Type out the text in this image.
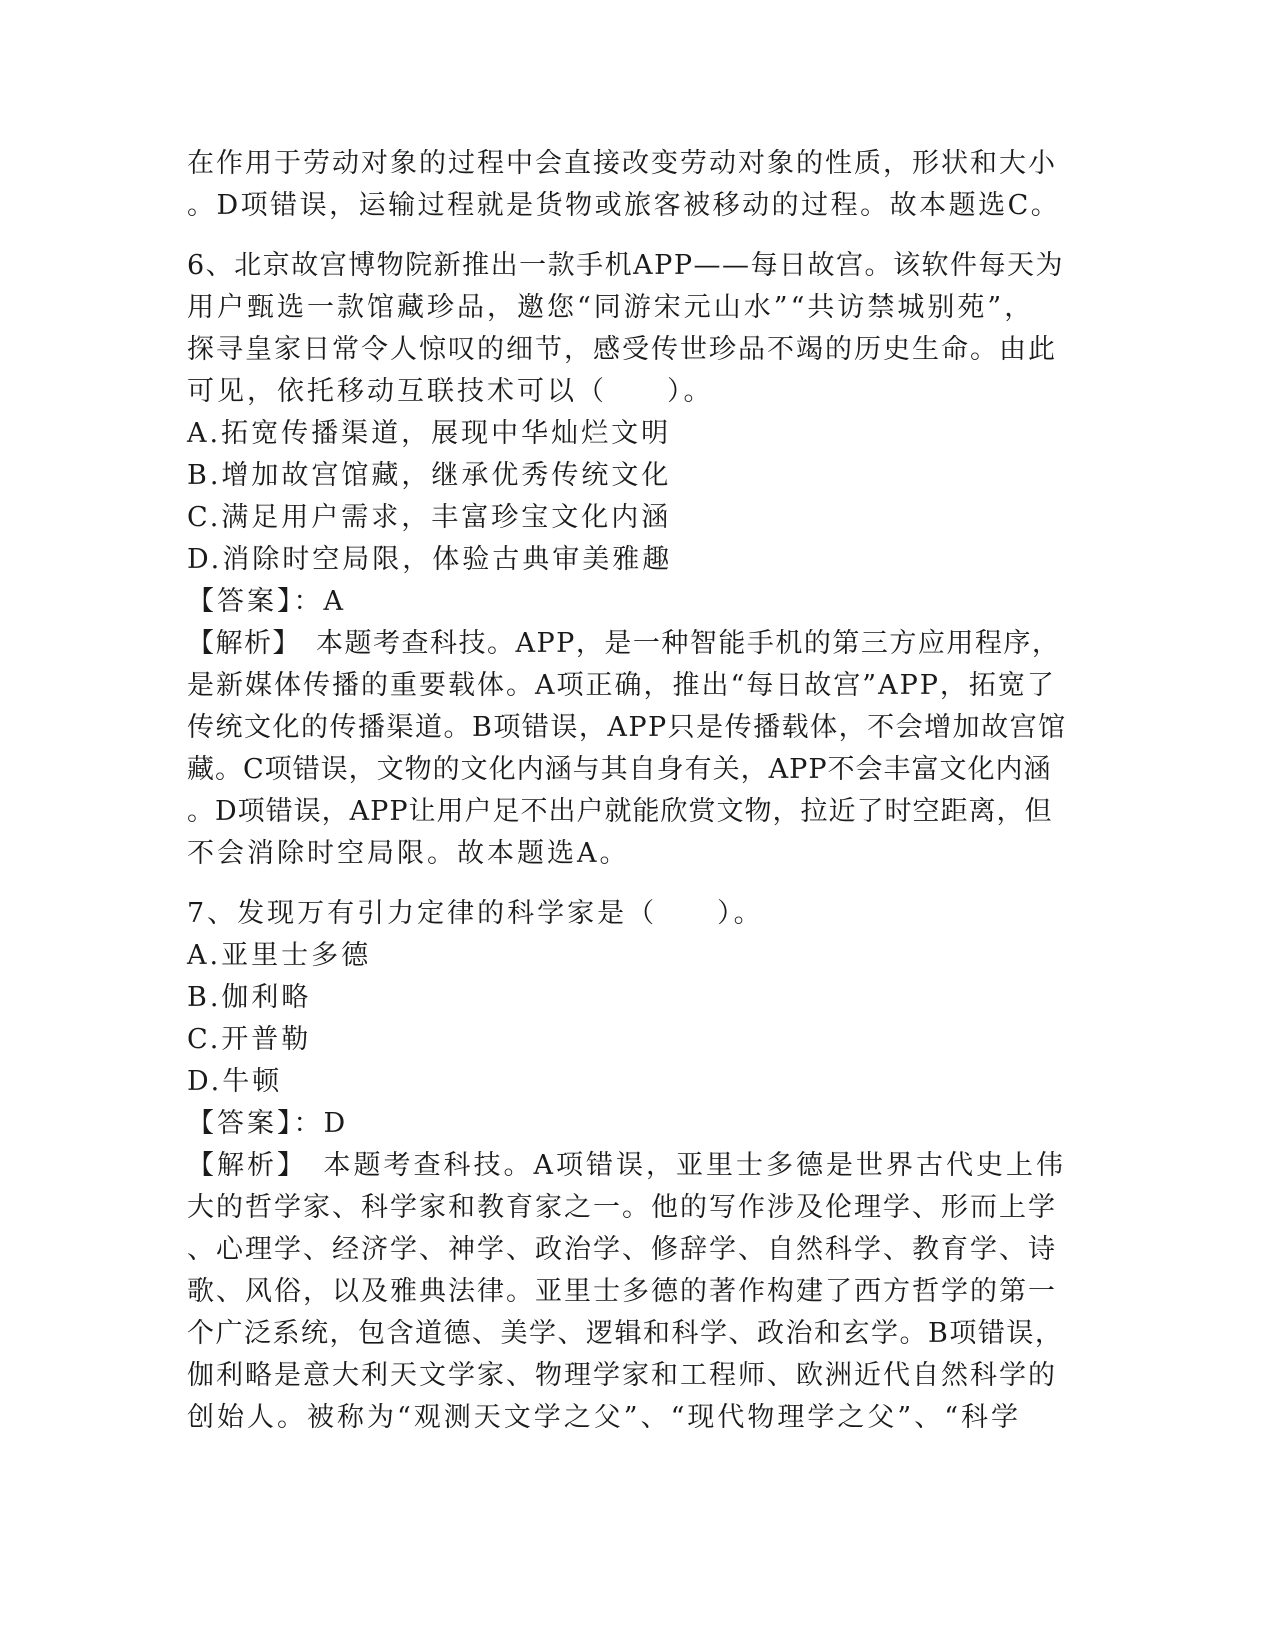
在作用于劳动对象的过程中会直接改变劳动对象的性质，形状和大小
。D项错误，运输过程就是货物或旅客被移动的过程。故本题选C。
6、北京故宫博物院新推出一款手机APP——每日故宫。该软件每天为
用户甄选一款馆藏珍品，邀您“同游宋元山水”“共访禁城别苑”，
探寻皇家日常令人惊叹的细节，感受传世珍品不竭的历史生命。由此
可见，依托移动互联技术可以（　　）。
A.拓宽传播渠道，展现中华灿烂文明
B.增加故宫馆藏，继承优秀传统文化
C.满足用户需求，丰富珍宝文化内涵
D.消除时空局限，体验古典审美雅趣
【答案】：A
【解析】　本题考查科技。APP，是一种智能手机的第三方应用程序，
是新媒体传播的重要载体。A项正确，推出“每日故宫”APP，拓宽了
传统文化的传播渠道。B项错误，APP只是传播载体，不会增加故宫馆
藏。C项错误，文物的文化内涵与其自身有关，APP不会丰富文化内涵
。D项错误，APP让用户足不出户就能欣赏文物，拉近了时空距离，但
不会消除时空局限。故本题选A。
7、发现万有引力定律的科学家是（　　）。
A.亚里士多德
B.伽利略
C.开普勒
D.牛顿
【答案】：D
【解析】　本题考查科技。A项错误，亚里士多德是世界古代史上伟
大的哲学家、科学家和教育家之一。他的写作涉及伦理学、形而上学
、心理学、经济学、神学、政治学、修辞学、自然科学、教育学、诗
歌、风俗，以及雅典法律。亚里士多德的著作构建了西方哲学的第一
个广泛系统，包含道德、美学、逻辑和科学、政治和玄学。B项错误，
伽利略是意大利天文学家、物理学家和工程师、欧洲近代自然科学的
创始人。被称为“观测天文学之父”、“现代物理学之父”、“科学
